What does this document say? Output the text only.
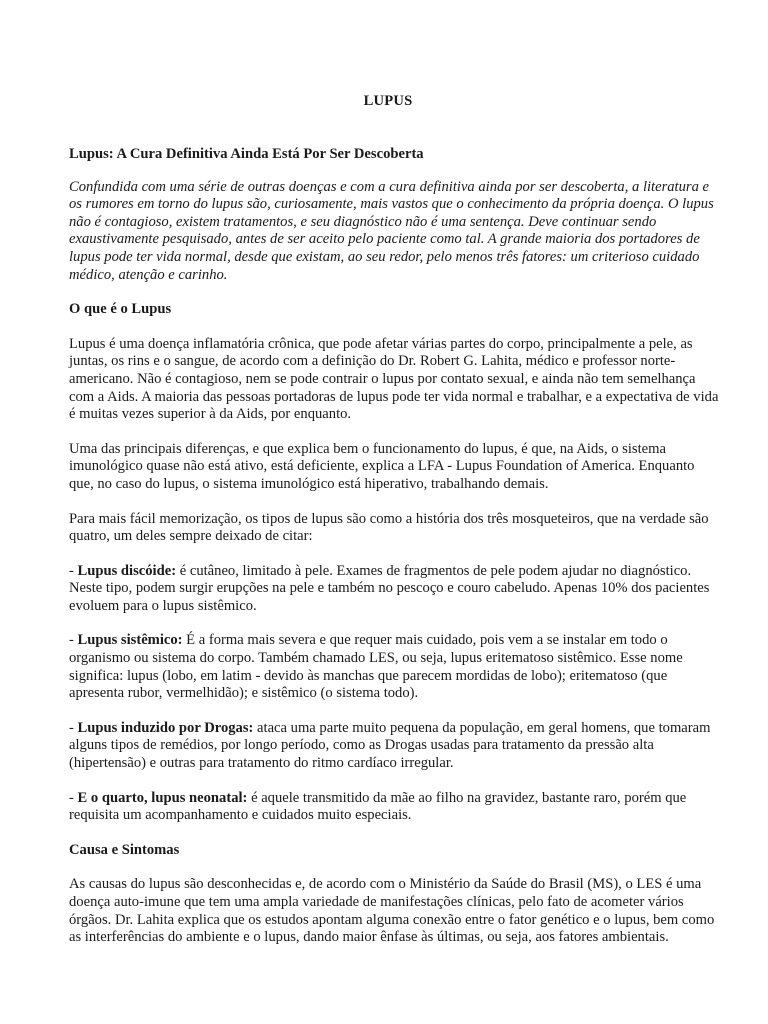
LUPUS

Lupus: A Cura Definitiva Ainda Está Por Ser Descoberta

Confundida com uma série de outras doenças e com a cura definitiva ainda por ser descoberta, a literatura e os rumores em torno do lupus são, curiosamente, mais vastos que o conhecimento da própria doença. O lupus não é contagioso, existem tratamentos, e seu diagnóstico não é uma sentença. Deve continuar sendo exaustivamente pesquisado, antes de ser aceito pelo paciente como tal. A grande maioria dos portadores de lupus pode ter vida normal, desde que existam, ao seu redor, pelo menos três fatores: um criterioso cuidado médico, atenção e carinho.

O que é o Lupus

Lupus é uma doença inflamatória crônica, que pode afetar várias partes do corpo, principalmente a pele, as juntas, os rins e o sangue, de acordo com a definição do Dr. Robert G. Lahita, médico e professor norte-americano. Não é contagioso, nem se pode contrair o lupus por contato sexual, e ainda não tem semelhança com a Aids. A maioria das pessoas portadoras de lupus pode ter vida normal e trabalhar, e a expectativa de vida é muitas vezes superior à da Aids, por enquanto.

Uma das principais diferenças, e que explica bem o funcionamento do lupus, é que, na Aids, o sistema imunológico quase não está ativo, está deficiente, explica a LFA - Lupus Foundation of America. Enquanto que, no caso do lupus, o sistema imunológico está hiperativo, trabalhando demais.

Para mais fácil memorização, os tipos de lupus são como a história dos três mosqueteiros, que na verdade são quatro, um deles sempre deixado de citar:

- Lupus discóide: é cutâneo, limitado à pele. Exames de fragmentos de pele podem ajudar no diagnóstico. Neste tipo, podem surgir erupções na pele e também no pescoço e couro cabeludo. Apenas 10% dos pacientes evoluem para o lupus sistêmico.

- Lupus sistêmico: É a forma mais severa e que requer mais cuidado, pois vem a se instalar em todo o organismo ou sistema do corpo. Também chamado LES, ou seja, lupus eritematoso sistêmico. Esse nome significa: lupus (lobo, em latim - devido às manchas que parecem mordidas de lobo); eritematoso (que apresenta rubor, vermelhidão); e sistêmico (o sistema todo).

- Lupus induzido por Drogas: ataca uma parte muito pequena da população, em geral homens, que tomaram alguns tipos de remédios, por longo período, como as Drogas usadas para tratamento da pressão alta (hipertensão) e outras para tratamento do ritmo cardíaco irregular.

- E o quarto, lupus neonatal: é aquele transmitido da mãe ao filho na gravidez, bastante raro, porém que requisita um acompanhamento e cuidados muito especiais.

Causa e Sintomas

As causas do lupus são desconhecidas e, de acordo com o Ministério da Saúde do Brasil (MS), o LES é uma doença auto-imune que tem uma ampla variedade de manifestações clínicas, pelo fato de acometer vários órgãos. Dr. Lahita explica que os estudos apontam alguma conexão entre o fator genético e o lupus, bem como as interferências do ambiente e o lupus, dando maior ênfase às últimas, ou seja, aos fatores ambientais.
